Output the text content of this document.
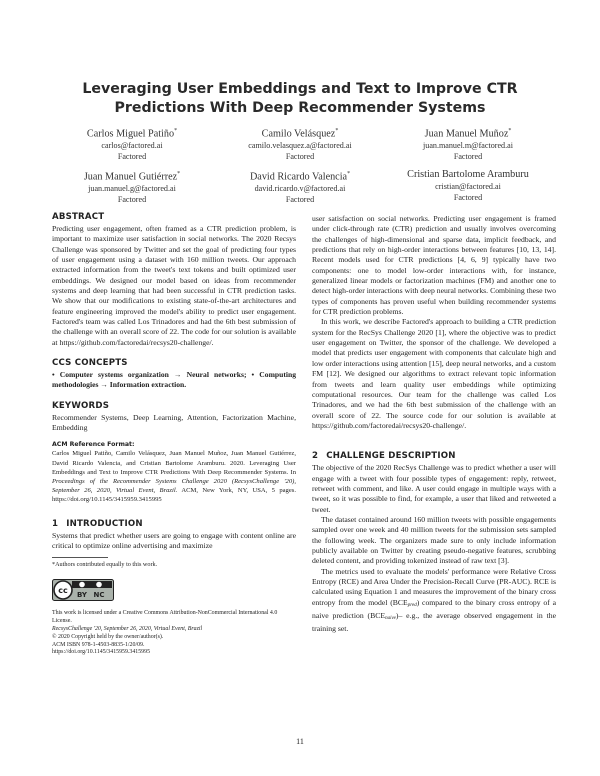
Leveraging User Embeddings and Text to Improve CTR Predictions With Deep Recommender Systems
Carlos Miguel Patiño*
carlos@factored.ai
Factored
Camilo Velásquez*
camilo.velasquez.a@factored.ai
Factored
Juan Manuel Muñoz*
juan.manuel.m@factored.ai
Factored
Juan Manuel Gutiérrez*
juan.manuel.g@factored.ai
Factored
David Ricardo Valencia*
david.ricardo.v@factored.ai
Factored
Cristian Bartolome Aramburu
cristian@factored.ai
Factored
ABSTRACT

Predicting user engagement, often framed as a CTR prediction problem, is important to maximize user satisfaction in social networks. The 2020 Recsys Challenge was sponsored by Twitter and set the goal of predicting four types of user engagement using a dataset with 160 million tweets. Our approach extracted information from the tweet's text tokens and built optimized user embeddings. We designed our model based on ideas from recommender systems and deep learning that had been successful in CTR prediction tasks. We show that our modifications to existing state-of-the-art architectures and feature engineering improved the model's ability to predict user engagement. Factored's team was called Los Trinadores and had the 6th best submission of the challenge with an overall score of 22. The code for our solution is available at https://github.com/factoredai/recsys20-challenge/.

CCS CONCEPTS
• Computer systems organization → Neural networks; • Computing methodologies → Information extraction.
KEYWORDS

Recommender Systems, Deep Learning, Attention, Factorization Machine, Embedding

ACM Reference Format:

Carlos Miguel Patiño, Camilo Velásquez, Juan Manuel Muñoz, Juan Manuel Gutiérrez, David Ricardo Valencia, and Cristian Bartolome Aramburu. 2020. Leveraging User Embeddings and Text to Improve CTR Predictions With Deep Recommender Systems. In Proceedings of the Recommender Systems Challenge 2020 (RecsysChallenge '20), September 26, 2020, Virtual Event, Brazil. ACM, New York, NY, USA, 5 pages. https://doi.org/10.1145/3415959.3415995

1 INTRODUCTION

Systems that predict whether users are going to engage with content online are critical to optimize online advertising and maximize

*Authors contributed equally to this work.

cc BY NC

This work is licensed under a Creative Commons Attribution-NonCommercial International 4.0 License.

RecsysChallenge '20, September 26, 2020, Virtual Event, Brazil

© 2020 Copyright held by the owner/author(s).

ACM ISBN 978-1-4503-8835-1/20/09.

https://doi.org/10.1145/3415959.3415995

user satisfaction on social networks. Predicting user engagement is framed under click-through rate (CTR) prediction and usually involves overcoming the challenges of high-dimensional and sparse data, implicit feedback, and predictions that rely on high-order interactions between features [10, 13, 14]. Recent models used for CTR predictions [4, 6, 9] typically have two components: one to model low-order interactions with, for instance, generalized linear models or factorization machines (FM) and another one to detect high-order interactions with deep neural networks. Combining these two types of components has proven useful when building recommender systems for CTR prediction problems.

In this work, we describe Factored's approach to building a CTR prediction system for the RecSys Challenge 2020 [1], where the objective was to predict user engagement on Twitter, the sponsor of the challenge. We developed a model that predicts user engagement with components that calculate high and low order interactions using attention [15], deep neural networks, and a custom FM [12]. We designed our algorithms to extract relevant topic information from tweets and learn quality user embeddings while optimizing computational resources. Our team for the challenge was called Los Trinadores, and we had the 6th best submission of the challenge with an overall score of 22. The source code for our solution is available at https://github.com/factoredai/recsys20-challenge/.

2 CHALLENGE DESCRIPTION

The objective of the 2020 RecSys Challenge was to predict whether a user will engage with a tweet with four possible types of engagement: reply, retweet, retweet with comment, and like. A user could engage in multiple ways with a tweet, so it was possible to find, for example, a user that liked and retweeted a tweet.

The dataset contained around 160 million tweets with possible engagements sampled over one week and 40 million tweets for the submission sets sampled the following week. The organizers made sure to only include information publicly available on Twitter by creating pseudo-negative features, scrubbing deleted content, and providing tokenized instead of raw text [3].

The metrics used to evaluate the models' performance were Relative Cross Entropy (RCE) and Area Under the Precision-Recall Curve (PR-AUC). RCE is calculated using Equation 1 and measures the improvement of the binary cross entropy from the model $(BCE_{pred})$ compared to the binary cross entropy of a naive prediction $(BCE_{naive})-$ e.g., the average observed engagement in the training set.

11
